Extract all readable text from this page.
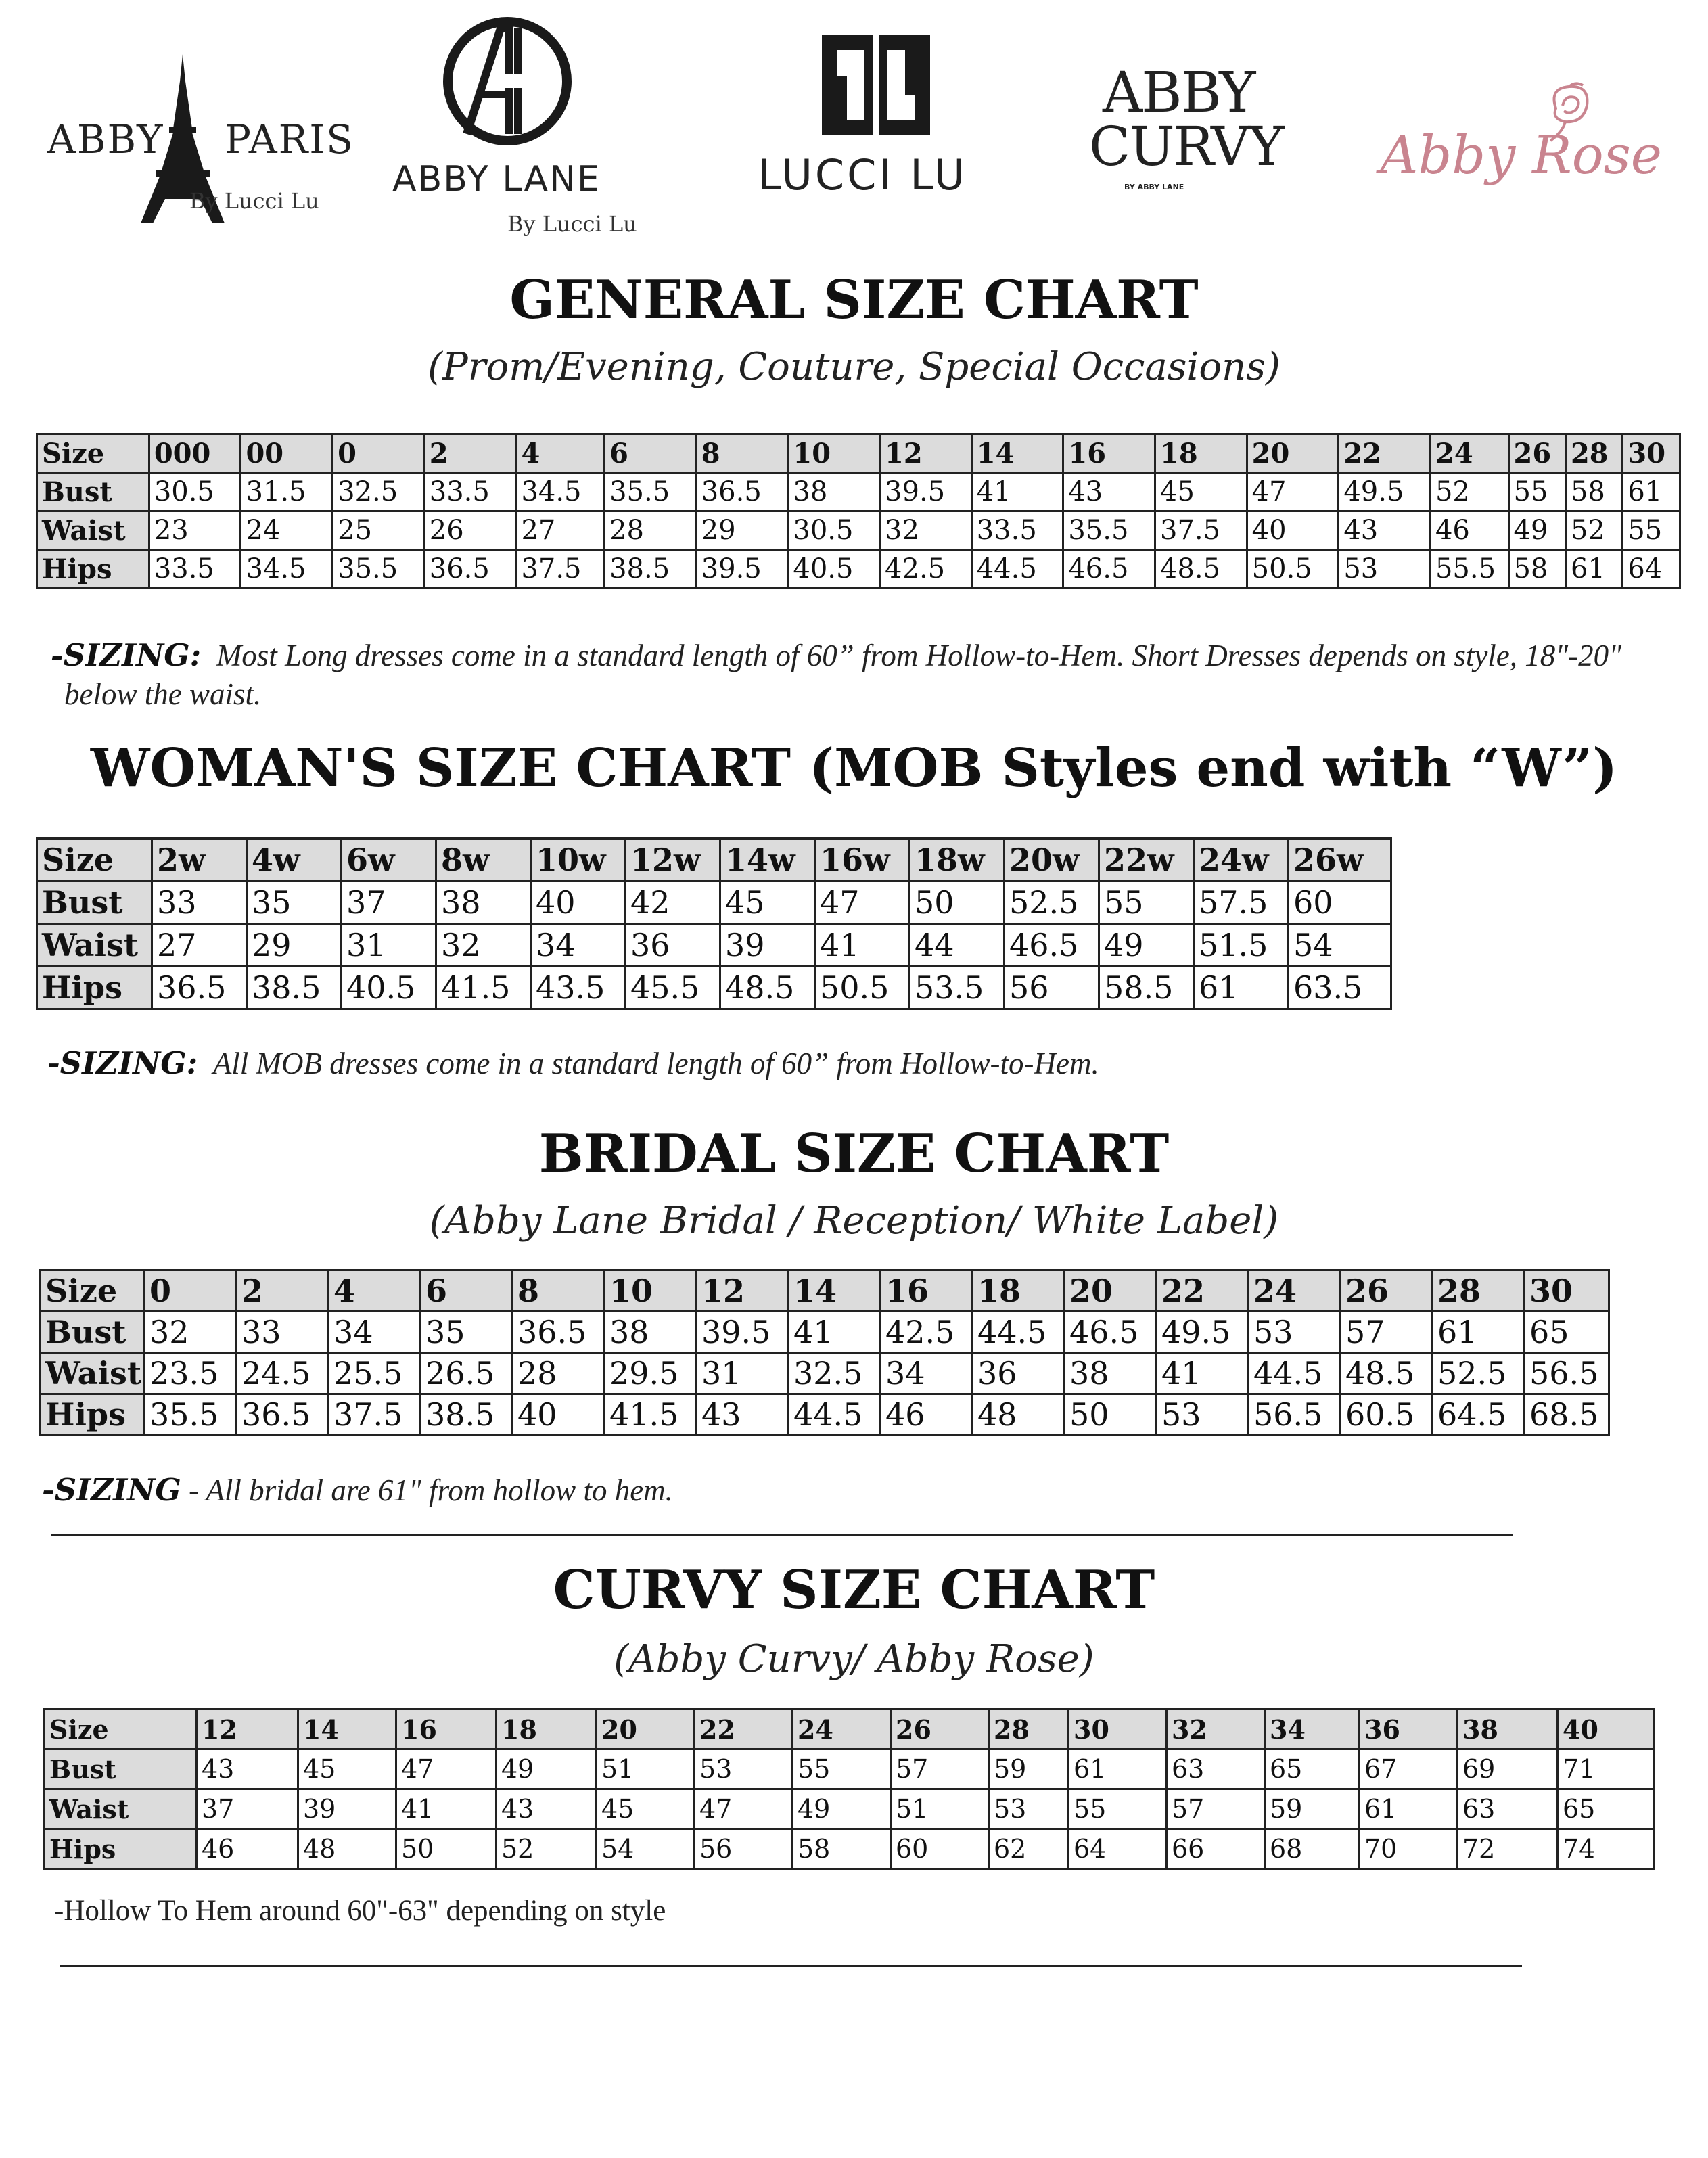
ABBY PARIS
By Lucci Lu
ABBY LANE
By Lucci Lu
LUCCI LU
ABBY
CURVY
BY ABBY LANE
Abby Rose
GENERAL SIZE CHART
(Prom/Evening, Couture, Special Occasions)
Size	000	00	0	2	4	6	8	10	12	14	16	18	20	22	24	26	28	30
Bust	30.5	31.5	32.5	33.5	34.5	35.5	36.5	38	39.5	41	43	45	47	49.5	52	55	58	61
Waist	23	24	25	26	27	28	29	30.5	32	33.5	35.5	37.5	40	43	46	49	52	55
Hips	33.5	34.5	35.5	36.5	37.5	38.5	39.5	40.5	42.5	44.5	46.5	48.5	50.5	53	55.5	58	61	64
-SIZING: Most Long dresses come in a standard length of 60” from Hollow-to-Hem. Short Dresses depends on style, 18"-20"
below the waist.
WOMAN'S SIZE CHART (MOB Styles end with “W”)
Size	2w	4w	6w	8w	10w	12w	14w	16w	18w	20w	22w	24w	26w
Bust	33	35	37	38	40	42	45	47	50	52.5	55	57.5	60
Waist	27	29	31	32	34	36	39	41	44	46.5	49	51.5	54
Hips	36.5	38.5	40.5	41.5	43.5	45.5	48.5	50.5	53.5	56	58.5	61	63.5
-SIZING: All MOB dresses come in a standard length of 60” from Hollow-to-Hem.
BRIDAL SIZE CHART
(Abby Lane Bridal / Reception/ White Label)
Size	0	2	4	6	8	10	12	14	16	18	20	22	24	26	28	30
Bust	32	33	34	35	36.5	38	39.5	41	42.5	44.5	46.5	49.5	53	57	61	65
Waist	23.5	24.5	25.5	26.5	28	29.5	31	32.5	34	36	38	41	44.5	48.5	52.5	56.5
Hips	35.5	36.5	37.5	38.5	40	41.5	43	44.5	46	48	50	53	56.5	60.5	64.5	68.5
-SIZING - All bridal are 61" from hollow to hem.
CURVY SIZE CHART
(Abby Curvy/ Abby Rose)
Size	12	14	16	18	20	22	24	26	28	30	32	34	36	38	40
Bust	43	45	47	49	51	53	55	57	59	61	63	65	67	69	71
Waist	37	39	41	43	45	47	49	51	53	55	57	59	61	63	65
Hips	46	48	50	52	54	56	58	60	62	64	66	68	70	72	74
-Hollow To Hem around 60"-63" depending on style
